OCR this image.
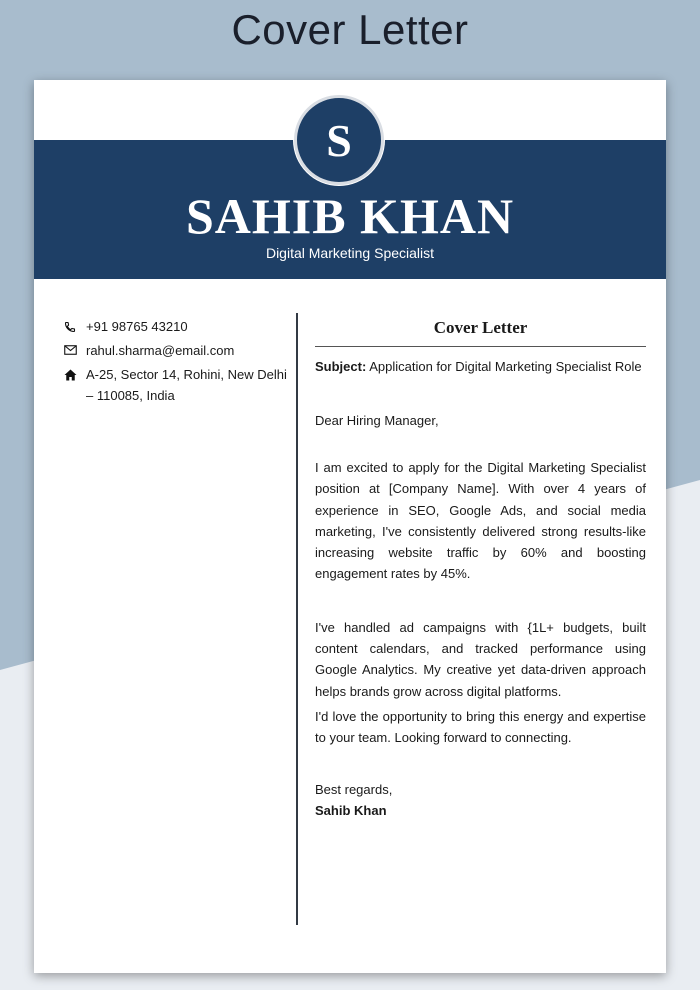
Cover Letter
S
SAHIB KHAN
Digital Marketing Specialist
+91 98765 43210
rahul.sharma@email.com
A-25, Sector 14, Rohini, New Delhi – 110085, India
Cover Letter
Subject: Application for Digital Marketing Specialist Role
Dear Hiring Manager,

I am excited to apply for the Digital Marketing Specialist position at [Company Name]. With over 4 years of experience in SEO, Google Ads, and social media marketing, I've consistently delivered strong results-like increasing website traffic by 60% and boosting engagement rates by 45%.

I've handled ad campaigns with {1L+ budgets, built content calendars, and tracked performance using Google Analytics. My creative yet data-driven approach helps brands grow across digital platforms.

I'd love the opportunity to bring this energy and expertise to your team. Looking forward to connecting.

Best regards,
Sahib Khan
